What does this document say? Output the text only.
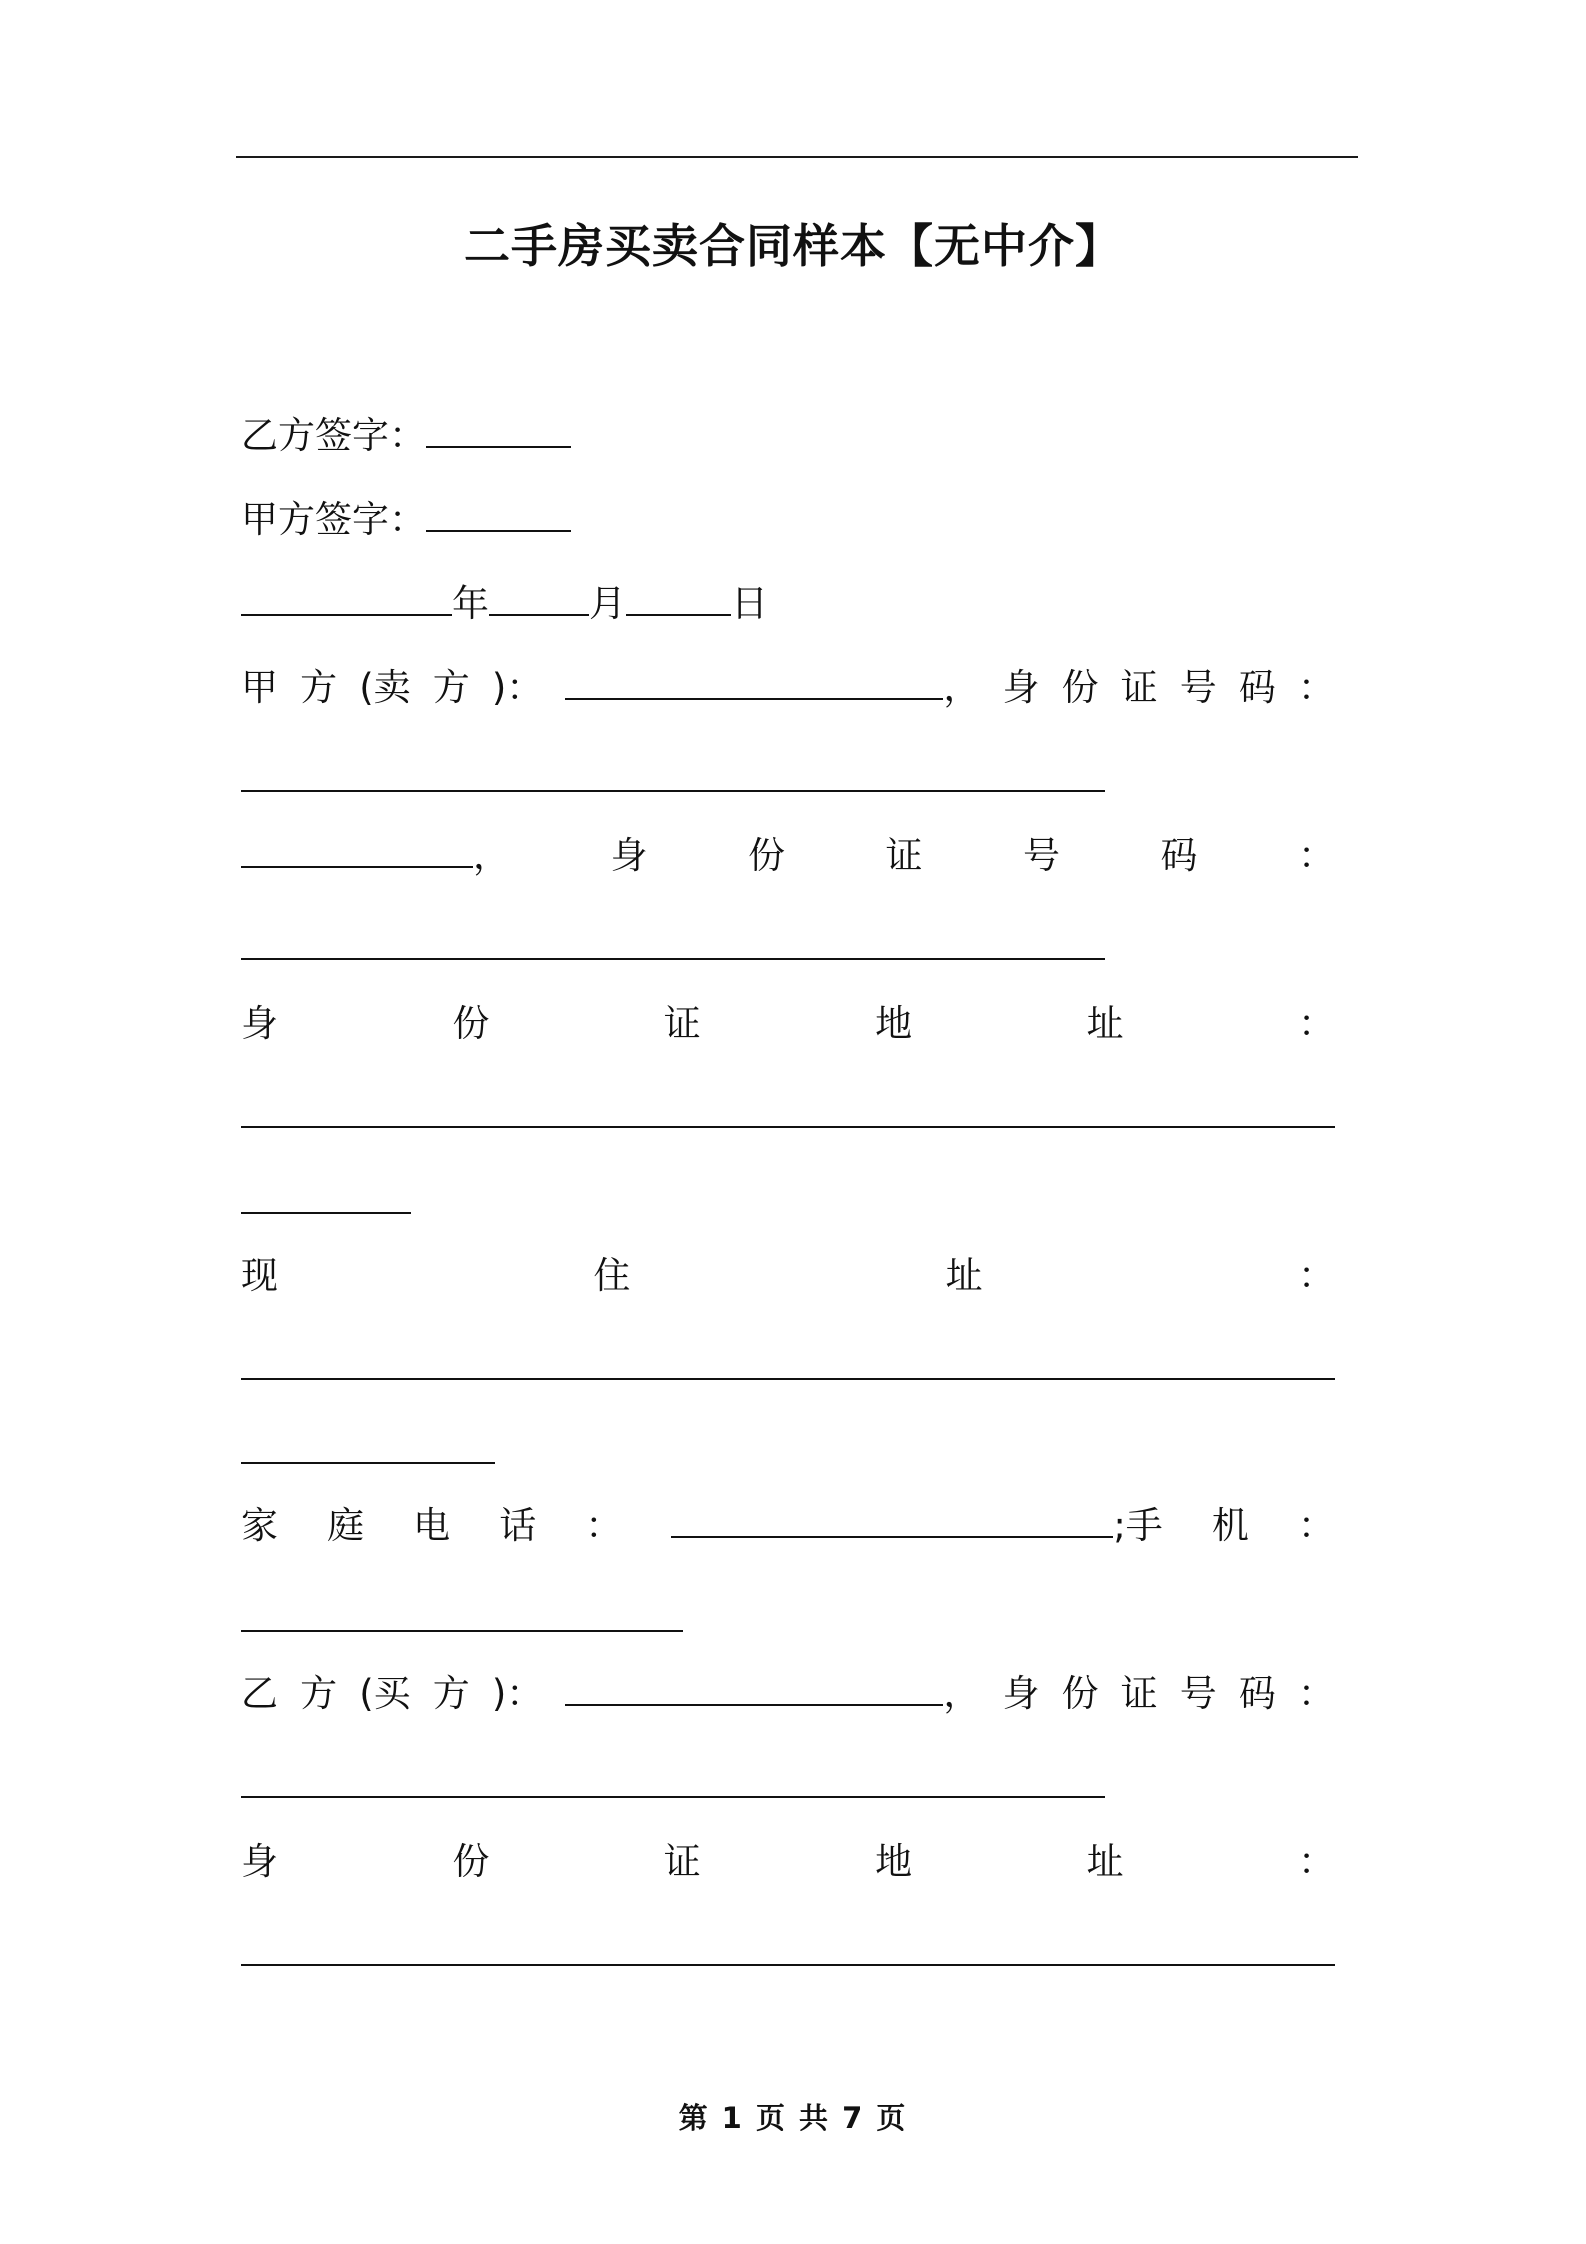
二手房买卖合同样本【无中介】
乙方签字：
甲方签字：
年	月	日
甲 方 (卖 方 )：	， 身 份 证 号 码 ：
，	身	份	证	号	码	：
身	份	证	地	址	：
现	住	址	：
家 庭 电 话 ：	;手 机 ：
乙 方 (买 方 )：	， 身 份 证 号 码 ：
身	份	证	地	址	：
第 1 页 共 7 页
